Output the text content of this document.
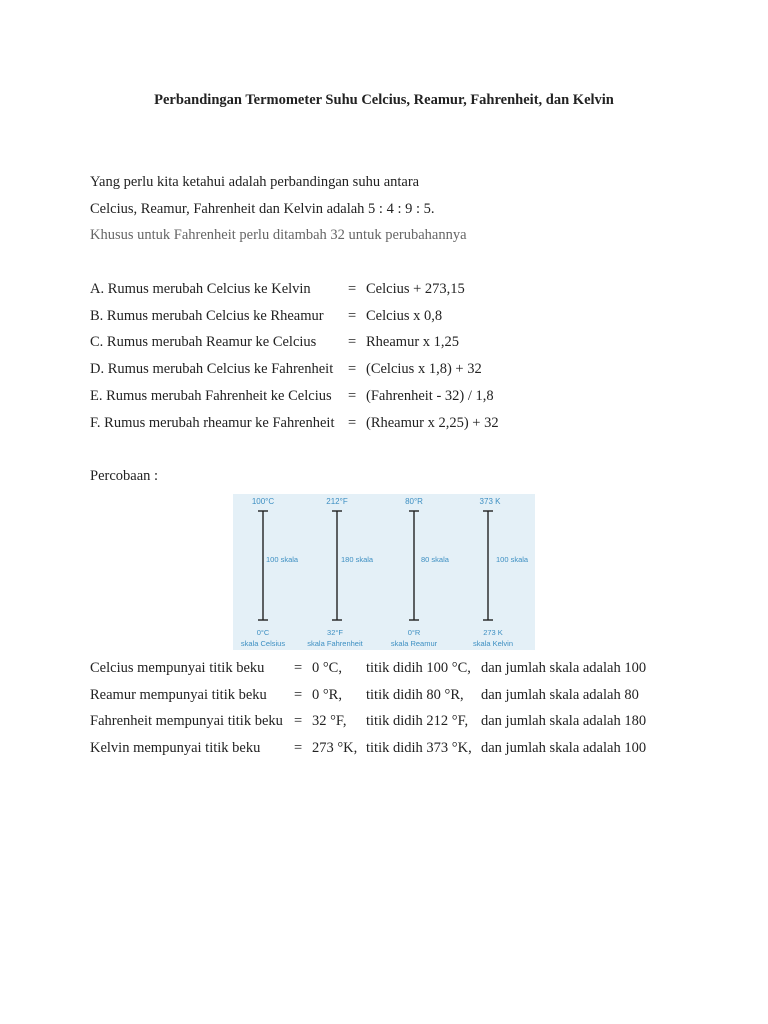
Perbandingan Termometer Suhu Celcius, Reamur, Fahrenheit, dan Kelvin
Yang perlu kita ketahui adalah perbandingan suhu antara
Celcius, Reamur, Fahrenheit dan Kelvin adalah 5 : 4 : 9 : 5.
Khusus untuk Fahrenheit perlu ditambah 32 untuk perubahannya
A. Rumus merubah Celcius ke Kelvin	= Celcius + 273,15
B. Rumus merubah Celcius ke Rheamur = Celcius x 0,8
C. Rumus merubah Reamur ke Celcius = Rheamur x 1,25
D. Rumus merubah Celcius ke Fahrenheit = (Celcius x 1,8) + 32
E. Rumus merubah Fahrenheit ke Celcius = (Fahrenheit - 32) / 1,8
F. Rumus merubah rheamur ke Fahrenheit = (Rheamur x 2,25) + 32
Percobaan :
100°C
100 skala
0°C
skala Celsius
212°F
180 skala
32°F
skala Fahrenheit
80°R
80 skala
0°R
skala Reamur
373 K
100 skala
273 K
skala Kelvin
Celcius mempunyai titik beku = 0 °C, titik didih 100 °C, dan jumlah skala adalah 100
Reamur mempunyai titik beku = 0 °R, titik didih 80 °R, dan jumlah skala adalah 80
Fahrenheit mempunyai titik beku = 32 °F, titik didih 212 °F, dan jumlah skala adalah 180
Kelvin mempunyai titik beku = 273 °K, titik didih 373 °K, dan jumlah skala adalah 100
